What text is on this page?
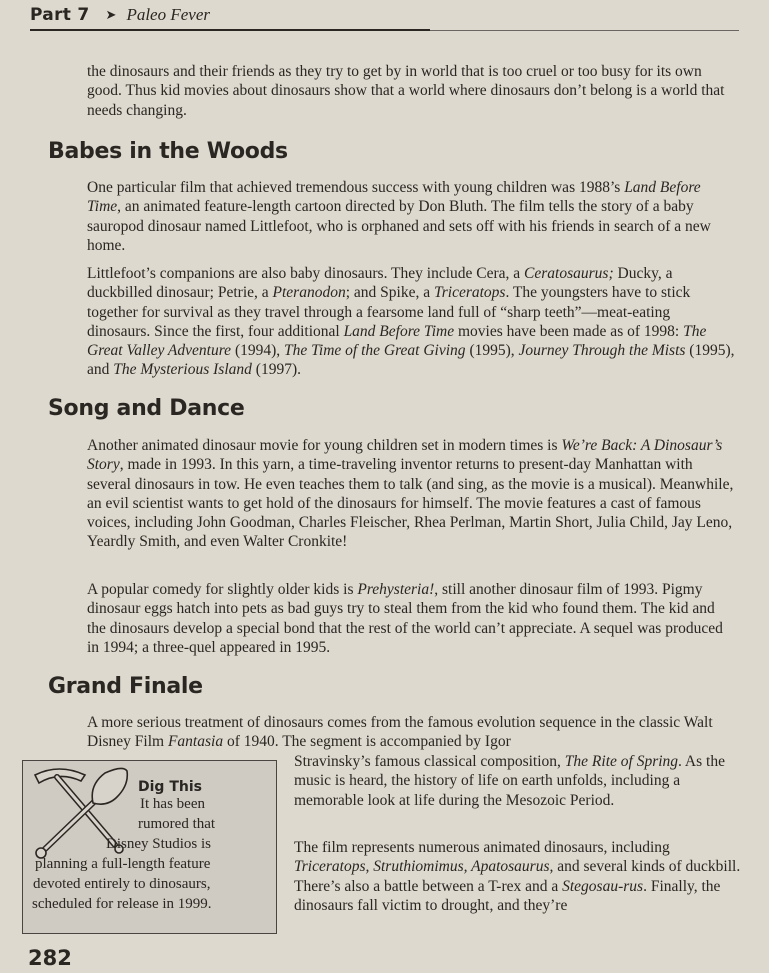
Part 7 ➤ Paleo Fever

the dinosaurs and their friends as they try to get by in world that is too cruel or too busy for its own good. Thus kid movies about dinosaurs show that a world where dinosaurs don’t belong is a world that needs changing.

Babes in the Woods

One particular film that achieved tremendous success with young children was 1988’s Land Before Time, an animated feature-length cartoon directed by Don Bluth. The film tells the story of a baby sauropod dinosaur named Littlefoot, who is orphaned and sets off with his friends in search of a new home.

Littlefoot’s companions are also baby dinosaurs. They include Cera, a Ceratosaurus; Ducky, a duckbilled dinosaur; Petrie, a Pteranodon; and Spike, a Triceratops. The youngsters have to stick together for survival as they travel through a fearsome land full of “sharp teeth”—meat-eating dinosaurs. Since the first, four additional Land Before Time movies have been made as of 1998: The Great Valley Adventure (1994), The Time of the Great Giving (1995), Journey Through the Mists (1995), and The Mysterious Island (1997).

Song and Dance

Another animated dinosaur movie for young children set in modern times is We’re Back: A Dinosaur’s Story, made in 1993. In this yarn, a time-traveling inventor returns to present-day Manhattan with several dinosaurs in tow. He even teaches them to talk (and sing, as the movie is a musical). Meanwhile, an evil scientist wants to get hold of the dinosaurs for himself. The movie features a cast of famous voices, including John Goodman, Charles Fleischer, Rhea Perlman, Martin Short, Julia Child, Jay Leno, Yeardly Smith, and even Walter Cronkite!

A popular comedy for slightly older kids is Prehysteria!, still another dinosaur film of 1993. Pigmy dinosaur eggs hatch into pets as bad guys try to steal them from the kid who found them. The kid and the dinosaurs develop a special bond that the rest of the world can’t appreciate. A sequel was produced in 1994; a three-quel appeared in 1995.

Grand Finale

A more serious treatment of dinosaurs comes from the famous evolution sequence in the classic Walt Disney Film Fantasia of 1940. The segment is accompanied by Igor

Stravinsky’s famous classical composition, The Rite of Spring. As the music is heard, the history of life on earth unfolds, including a memorable look at life during the Mesozoic Period.

The film represents numerous animated dinosaurs, including Triceratops, Struthiomimus, Apatosaurus, and several kinds of duckbill. There’s also a battle between a T-rex and a Stegosau-rus. Finally, the dinosaurs fall victim to drought, and they’re

Dig This

It has been

rumored that

Disney Studios is

planning a full-length feature

devoted entirely to dinosaurs,

scheduled for release in 1999.

282
